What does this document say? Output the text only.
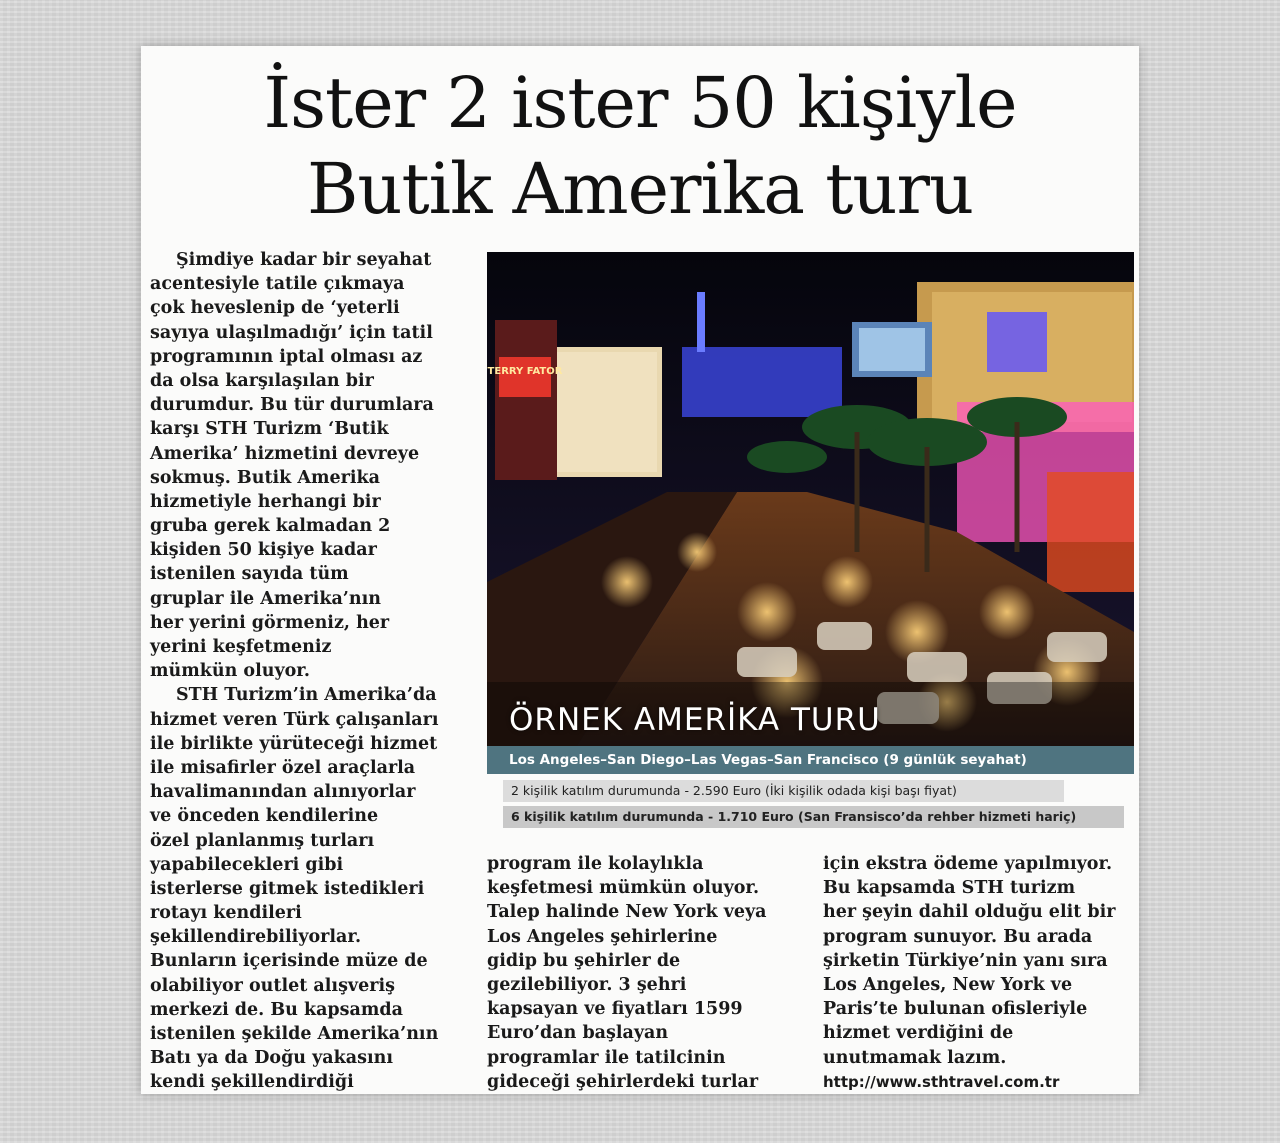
İster 2 ister 50 kişiyle
Butik Amerika turu
Şimdiye kadar bir seyahat
acentesiyle tatile çıkmaya
çok heveslenip de ‘yeterli
sayıya ulaşılmadığı’ için tatil
programının iptal olması az
da olsa karşılaşılan bir
durumdur. Bu tür durumlara
karşı STH Turizm ‘Butik
Amerika’ hizmetini devreye
sokmuş. Butik Amerika
hizmetiyle herhangi bir
gruba gerek kalmadan 2
kişiden 50 kişiye kadar
istenilen sayıda tüm
gruplar ile Amerika’nın
her yerini görmeniz, her
yerini keşfetmeniz
mümkün oluyor.
STH Turizm’in Amerika’da
hizmet veren Türk çalışanları
ile birlikte yürüteceği hizmet
ile misafirler özel araçlarla
havalimanından alınıyorlar
ve önceden kendilerine
özel planlanmış turları
yapabilecekleri gibi
isterlerse gitmek istedikleri
rotayı kendileri
şekillendirebiliyorlar.
Bunların içerisinde müze de
olabiliyor outlet alışveriş
merkezi de. Bu kapsamda
istenilen şekilde Amerika’nın
Batı ya da Doğu yakasını
kendi şekillendirdiği
TERRY FATOR
ÖRNEK AMERİKA TURU
Los Angeles–San Diego–Las Vegas–San Francisco (9 günlük seyahat)
2 kişilik katılım durumunda - 2.590 Euro (İki kişilik odada kişi başı fiyat)
6 kişilik katılım durumunda - 1.710 Euro (San Fransisco’da rehber hizmeti hariç)
program ile kolaylıkla
keşfetmesi mümkün oluyor.
Talep halinde New York veya
Los Angeles şehirlerine
gidip bu şehirler de
gezilebiliyor. 3 şehri
kapsayan ve fiyatları 1599
Euro’dan başlayan
programlar ile tatilcinin
gideceği şehirlerdeki turlar
için ekstra ödeme yapılmıyor.
Bu kapsamda STH turizm
her şeyin dahil olduğu elit bir
program sunuyor. Bu arada
şirketin Türkiye’nin yanı sıra
Los Angeles, New York ve
Paris’te bulunan ofisleriyle
hizmet verdiğini de
unutmamak lazım.
http://www.sthtravel.com.tr
